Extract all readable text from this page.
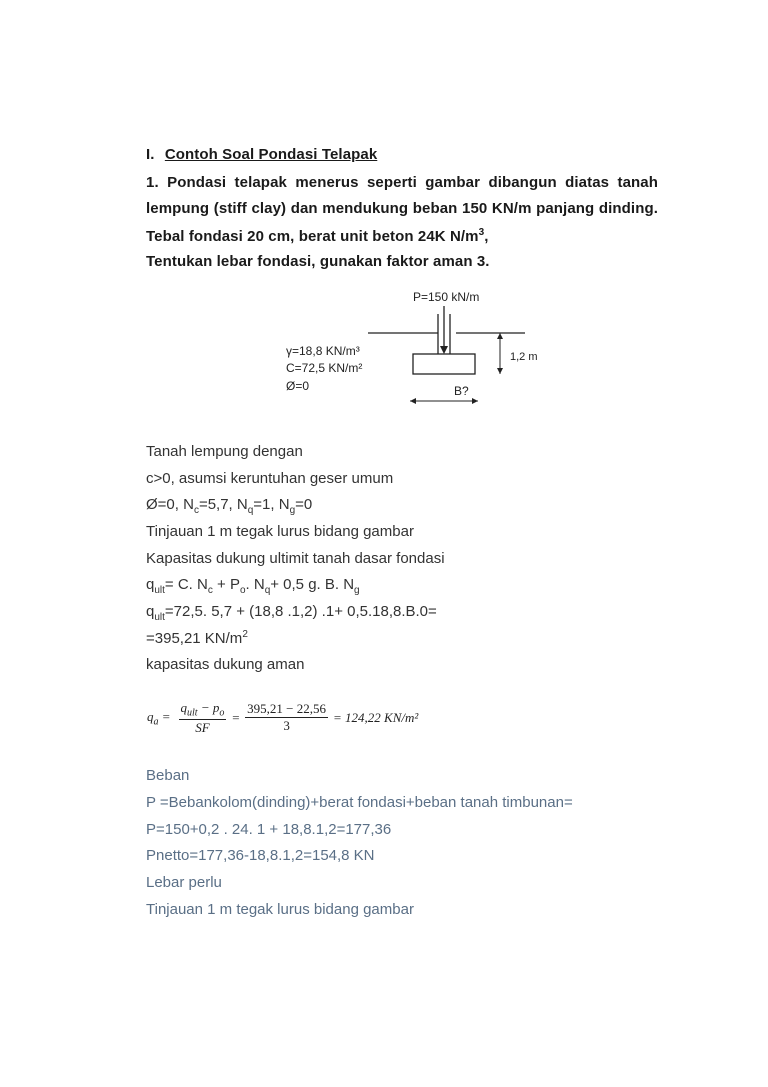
I. Contoh Soal Pondasi Telapak
1. Pondasi telapak menerus seperti gambar dibangun diatas tanah
lempung (stiff clay) dan mendukung beban 150 KN/m panjang dinding.
Tebal fondasi 20 cm, berat unit beton 24K $N/m^3$,
Tentukan lebar fondasi, gunakan faktor aman 3.
P=150 kN/m
γ=18,8 KN/m³
C=72,5 KN/m²
Ø=0
1,2 m
B?
Tanah lempung dengan
c>0, asumsi keruntuhan geser umum
Ø=0, $N_c=5,7$, $N_q=1$, $N_g=0$
Tinjauan 1 m tegak lurus bidang gambar
Kapasitas dukung ultimit tanah dasar fondasi
$q_{ult}= C$. $N_c + P_o$. $N_q+ 0,5$ g. B. $N_g$
$q_{ult}=72,5$. 5,7 + (18,8 .1,2) .1+ 0,5.18,8.B.0=
=395,21 $KN/m^2$
kapasitas dukung aman
$q_a$ =	
$q_{ult} - p_o$
SF
	=	
395,21 − 22,56
3
	= 124,22 KN/m²
Beban
P =Bebankolom(dinding)+berat fondasi+beban tanah timbunan=
P=150+0,2 . 24. 1 + 18,8.1,2=177,36
Pnetto=177,36-18,8.1,2=154,8 KN
Lebar perlu
Tinjauan 1 m tegak lurus bidang gambar
